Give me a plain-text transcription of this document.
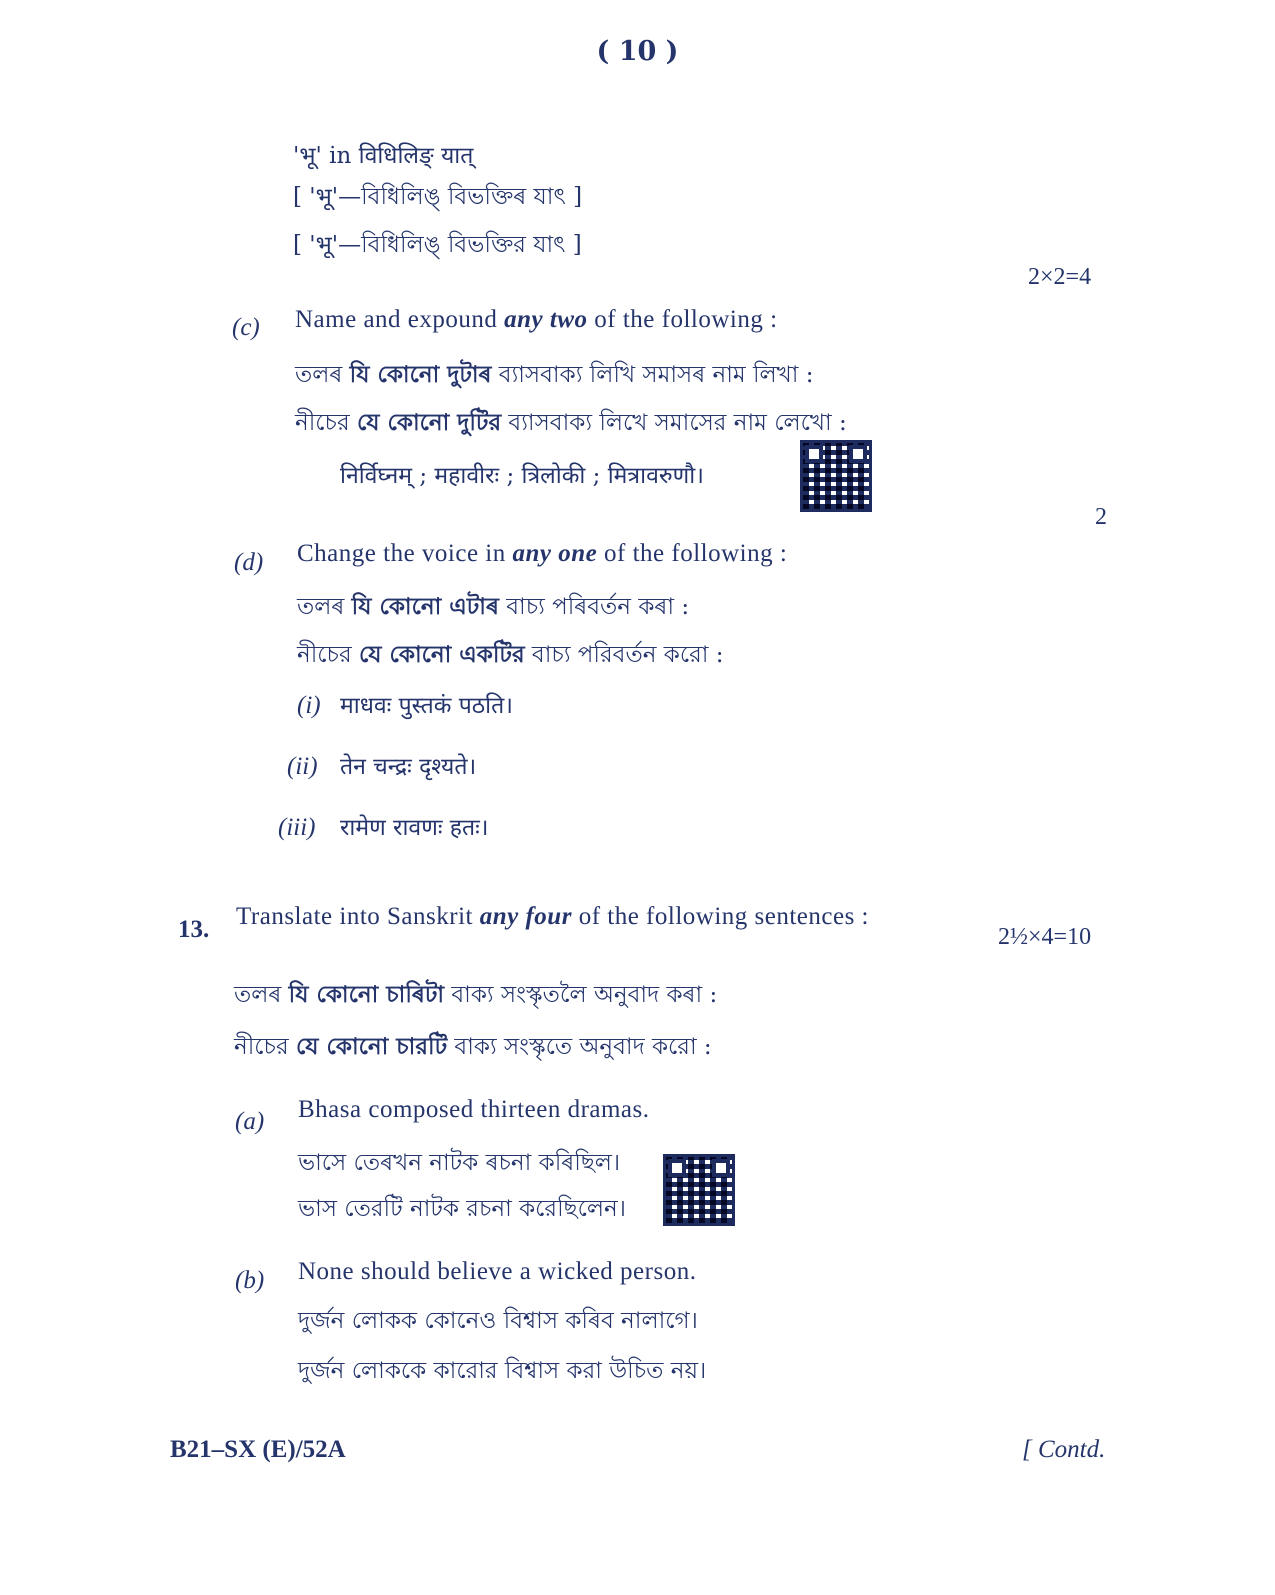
( 10 )
'भू' in विधिलिङ् यात्
[ 'भू'—বিধিলিঙ্ বিভক্তিৰ যাৎ ]
[ 'भू'—বিধিলিঙ্ বিভক্তির যাৎ ]
2×2=4
(c) Name and expound any two of the following :
তলৰ যি কোনো দুটাৰ ব্যাসবাক্য লিখি সমাসৰ নাম লিখা :
নীচের যে কোনো দুটির ব্যাসবাক্য লিখে সমাসের নাম লেখো :
निर्विघ्नम् ; महावीरः ; त्रिलोकी ; मित्रावरुणौ।
2
(d) Change the voice in any one of the following :
তলৰ যি কোনো এটাৰ বাচ্য পৰিবৰ্তন কৰা :
নীচের যে কোনো একটির বাচ্য পরিবর্তন করো :
(i) माधवः पुस्तकं पठति।
(ii) तेन चन्द्रः दृश्यते।
(iii) रामेण रावणः हतः।
13. Translate into Sanskrit any four of the following sentences :
2½×4=10
তলৰ যি কোনো চাৰিটা বাক্য সংস্কৃতলৈ অনুবাদ কৰা :
নীচের যে কোনো চারটি বাক্য সংস্কৃতে অনুবাদ করো :
(a) Bhasa composed thirteen dramas.
ভাসে তেৰখন নাটক ৰচনা কৰিছিল।
ভাস তেরটি নাটক রচনা করেছিলেন।
(b) None should believe a wicked person.
দুৰ্জন লোকক কোনেও বিশ্বাস কৰিব নালাগে।
দুর্জন লোককে কারোর বিশ্বাস করা উচিত নয়।
B21–SX (E)/52A	[ Contd.
